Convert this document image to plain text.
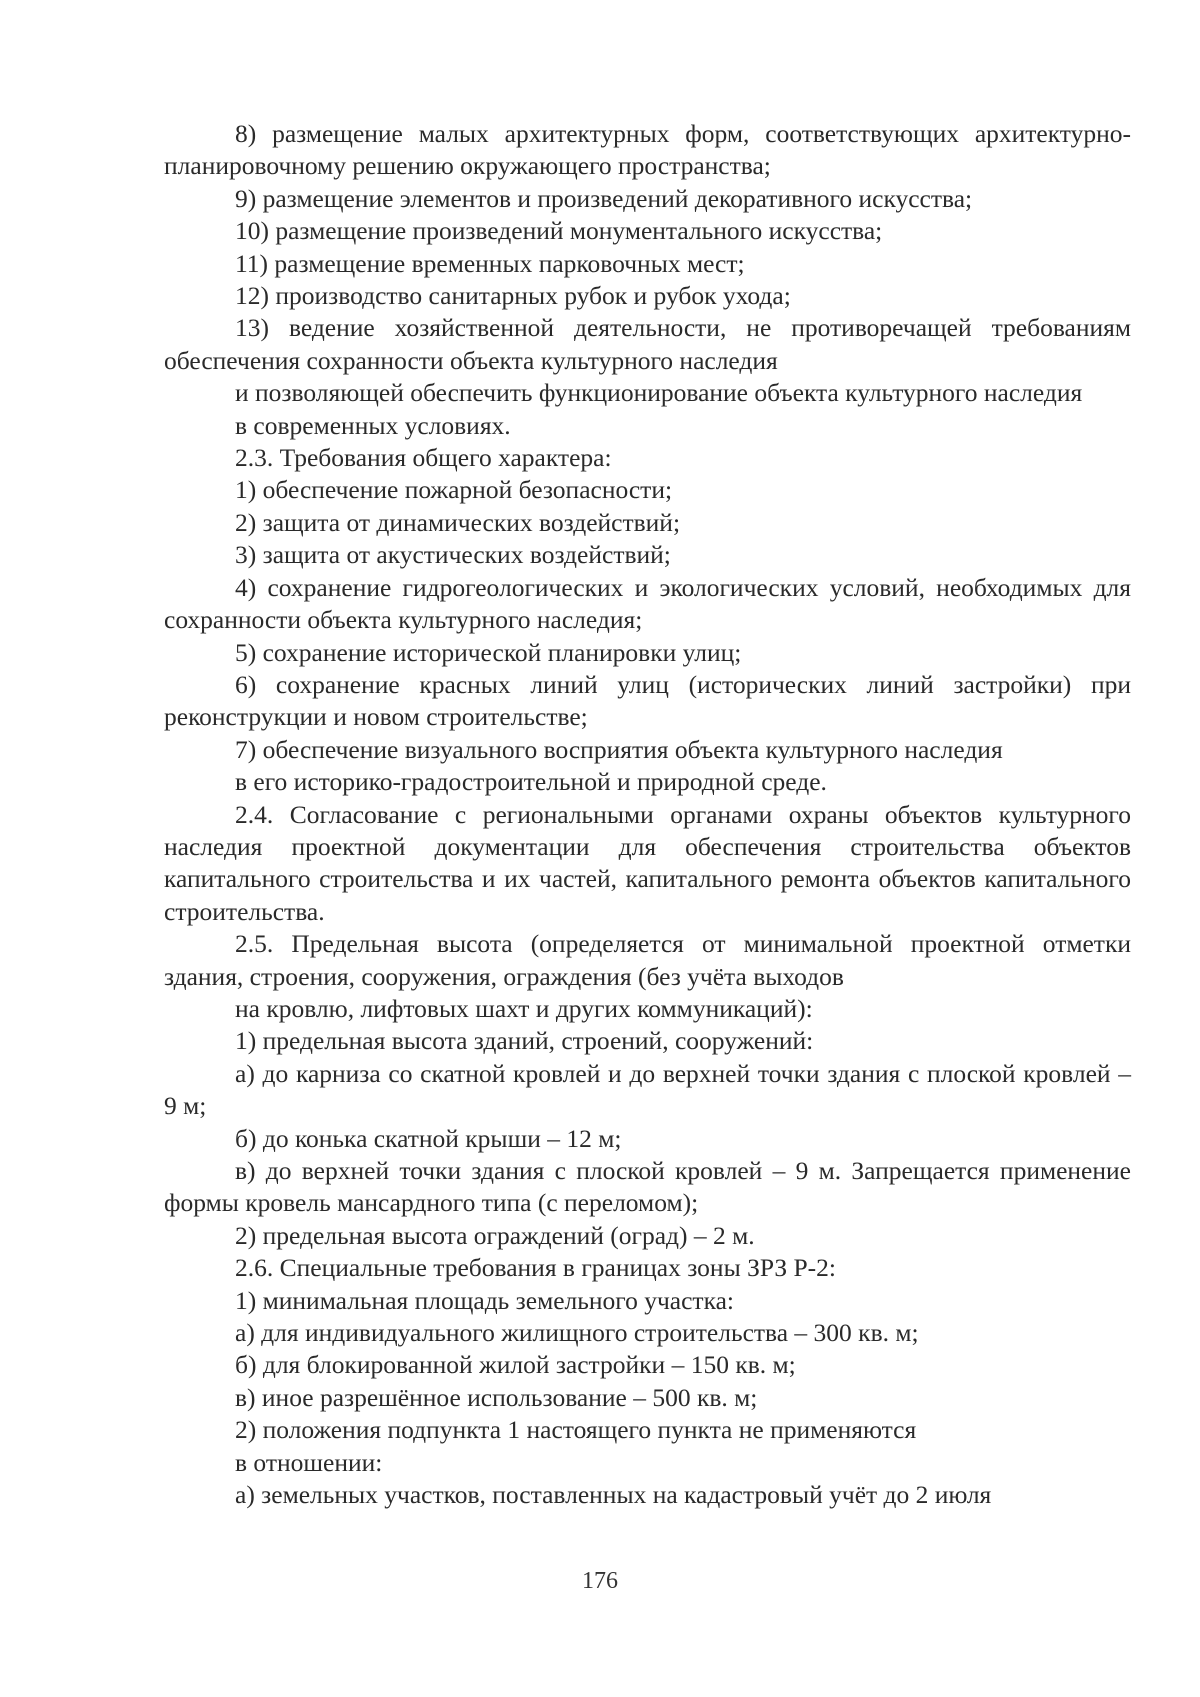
8) размещение малых архитектурных форм, соответствующих архитектурно-планировочному решению окружающего пространства;

9) размещение элементов и произведений декоративного искусства;

10) размещение произведений монументального искусства;

11) размещение временных парковочных мест;

12) производство санитарных рубок и рубок ухода;

13) ведение хозяйственной деятельности, не противоречащей требованиям обеспечения сохранности объекта культурного наследия

и позволяющей обеспечить функционирование объекта культурного наследия

в современных условиях.

2.3. Требования общего характера:

1) обеспечение пожарной безопасности;

2) защита от динамических воздействий;

3) защита от акустических воздействий;

4) сохранение гидрогеологических и экологических условий, необходимых для сохранности объекта культурного наследия;

5) сохранение исторической планировки улиц;

6) сохранение красных линий улиц (исторических линий застройки) при реконструкции и новом строительстве;

7) обеспечение визуального восприятия объекта культурного наследия

в его историко-градостроительной и природной среде.

2.4. Согласование с региональными органами охраны объектов культурного наследия проектной документации для обеспечения строительства объектов капитального строительства и их частей, капитального ремонта объектов капитального строительства.

2.5. Предельная высота (определяется от минимальной проектной отметки здания, строения, сооружения, ограждения (без учёта выходов

на кровлю, лифтовых шахт и других коммуникаций):

1) предельная высота зданий, строений, сооружений:

а) до карниза со скатной кровлей и до верхней точки здания с плоской кровлей – 9 м;

б) до конька скатной крыши – 12 м;

в) до верхней точки здания с плоской кровлей – 9 м. Запрещается применение формы кровель мансардного типа (с переломом);

2) предельная высота ограждений (оград) – 2 м.

2.6. Специальные требования в границах зоны ЗРЗ Р-2:

1) минимальная площадь земельного участка:

а) для индивидуального жилищного строительства – 300 кв. м;

б) для блокированной жилой застройки – 150 кв. м;

в) иное разрешённое использование – 500 кв. м;

2) положения подпункта 1 настоящего пункта не применяются

в отношении:

а) земельных участков, поставленных на кадастровый учёт до 2 июля

176
